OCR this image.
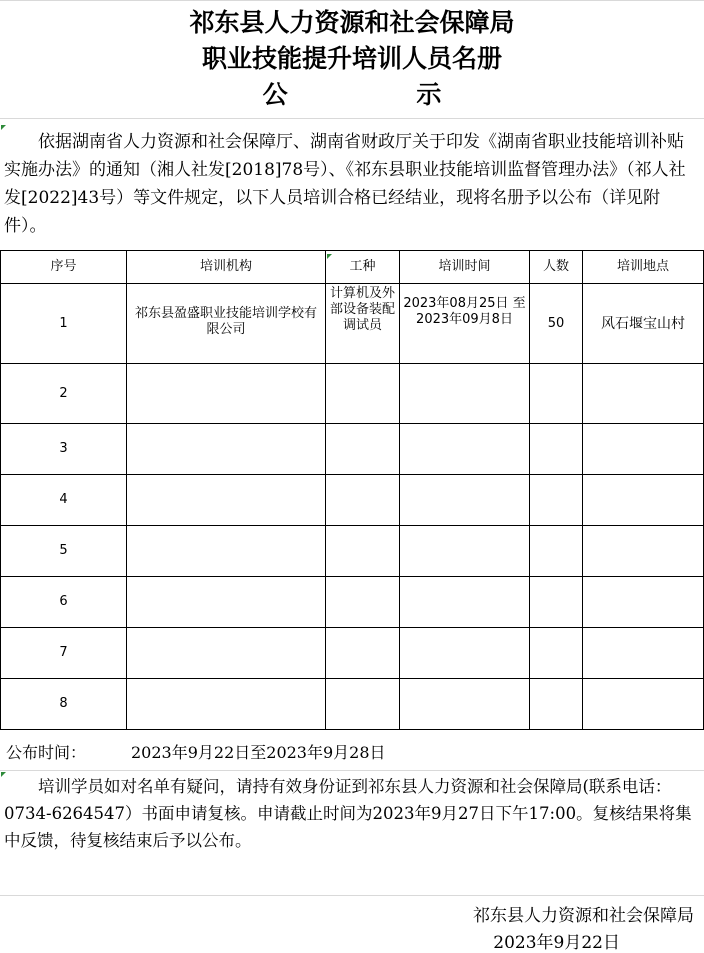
祁东县人力资源和社会保障局
职业技能提升培训人员名册
公 示
依据湖南省人力资源和社会保障厅、湖南省财政厅关于印发《湖南省职业技能培训补贴实施办法》的通知（湘人社发[2018]78号）、《祁东县职业技能培训监督管理办法》（祁人社发[2022]43号）等文件规定，以下人员培训合格已经结业，现将名册予以公布（详见附件）。
序号	培训机构	工种	培训时间	人数	培训地点
1	祁东县盈盛职业技能培训学校有限公司	计算机及外部设备装配调试员	2023年08月25日 至 2023年09月8日	50	风石堰宝山村
2					
3					
4					
5					
6					
7					
8					
公布时间：	2023年9月22日至2023年9月28日
培训学员如对名单有疑问，请持有效身份证到祁东县人力资源和社会保障局(联系电话：0734-6264547）书面申请复核。申请截止时间为2023年9月27日下午17:00。复核结果将集中反馈，待复核结束后予以公布。
祁东县人力资源和社会保障局
2023年9月22日
